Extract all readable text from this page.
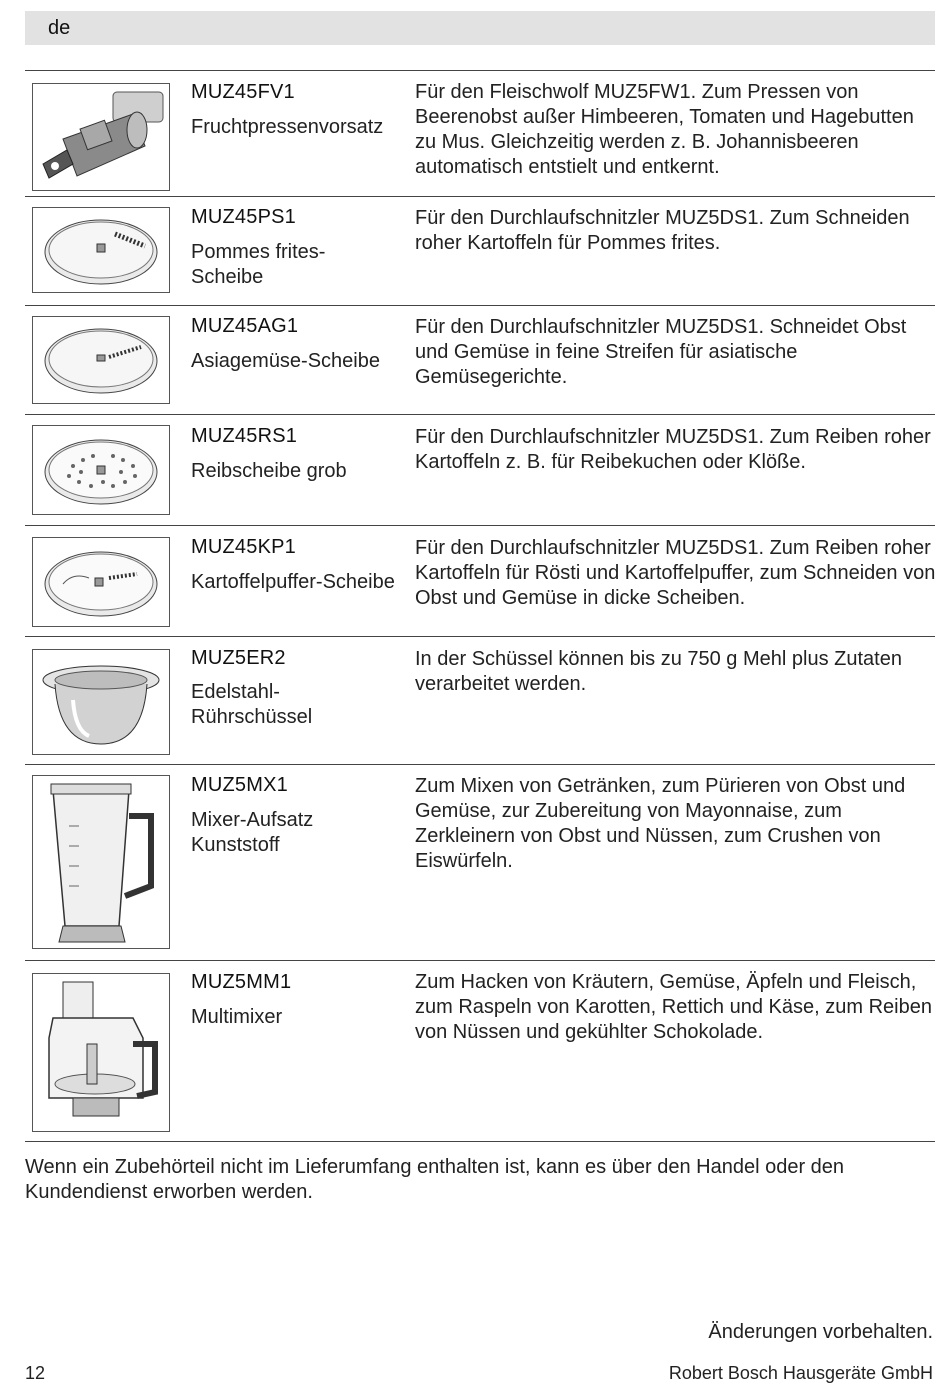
de
MUZ45FV1
Fruchtpressenvorsatz
Für den Fleischwolf MUZ5FW1. Zum Pressen von Beerenobst außer Himbeeren, Tomaten und Hagebutten zu Mus. Gleichzeitig werden z. B. Johannisbeeren automatisch entstielt und entkernt.
MUZ45PS1
Pommes frites-Scheibe
Für den Durchlaufschnitzler MUZ5DS1. Zum Schneiden roher Kartoffeln für Pommes frites.
MUZ45AG1
Asiagemüse-Scheibe
Für den Durchlaufschnitzler MUZ5DS1. Schneidet Obst und Gemüse in feine Streifen für asiatische Gemüsegerichte.
MUZ45RS1
Reibscheibe grob
Für den Durchlaufschnitzler MUZ5DS1. Zum Reiben roher Kartoffeln z. B. für Reibekuchen oder Klöße.
MUZ45KP1
Kartoffelpuffer-Scheibe
Für den Durchlaufschnitzler MUZ5DS1. Zum Reiben roher Kartoffeln für Rösti und Kartoffelpuffer, zum Schneiden von Obst und Gemüse in dicke Scheiben.
MUZ5ER2
Edelstahl-Rührschüssel
In der Schüssel können bis zu 750 g Mehl plus Zutaten verarbeitet werden.
MUZ5MX1
Mixer-Aufsatz Kunststoff
Zum Mixen von Getränken, zum Pürieren von Obst und Gemüse, zur Zubereitung von Mayonnaise, zum Zerkleinern von Obst und Nüssen, zum Crushen von Eiswürfeln.
MUZ5MM1
Multimixer
Zum Hacken von Kräutern, Gemüse, Äpfeln und Fleisch, zum Raspeln von Karotten, Rettich und Käse, zum Reiben von Nüssen und gekühlter Schokolade.
Wenn ein Zubehörteil nicht im Lieferumfang enthalten ist, kann es über den Handel oder den Kundendienst erworben werden.
Änderungen vorbehalten.
12	Robert Bosch Hausgeräte GmbH
